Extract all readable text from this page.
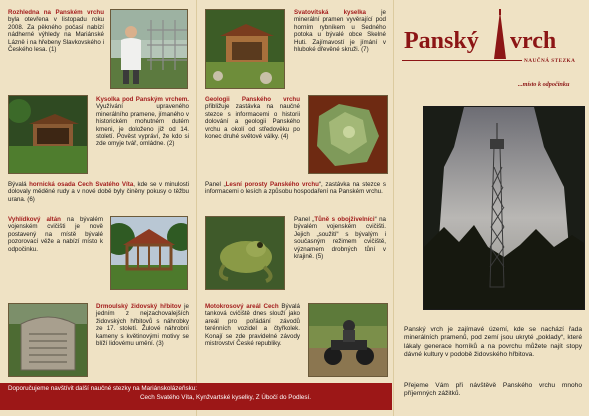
Rozhledna na Panském vrchu byla otevřena v listopadu roku 2008. Za pěkného počasí nabízí nádherné výhledy na Mariánské Lázně i na hřebeny Slavkovského i Českého lesa. (1)

Kysolka pod Panským vrchem. Využívání upraveného minerálního pramene, jímaného v historickém mohutném dutém kmeni, je doloženo již od 14. století. Pověst vypráví, že kdo si zde omyje tvář, omládne. (2)

Bývalá hornická osada Cech Svatého Víta, kde se v minulosti dolovaly měděné rudy a v nové době byly činěny pokusy o těžbu urana. (6)

Vyhlídkový altán na bývalém vojenském cvičišti je nově postavený na místě bývalé pozorovací věže a nabízí místo k odpočinku.

Drmoulský židovský hřbitov je jedním z nejzachovalejších židovských hřbitovů s náhrobky ze 17. století. Žulové náhrobní kameny s květinovými motivy se blíží lidovému umění. (3)

Svatovítská kyselka je minerální pramen vyvěrající pod horním rybníkem u Sedného potoka u bývalé obce Skelné Huti. Zajímavostí je jímání v hluboké dřevěné skruži. (7)

Geologii Panského vrchu přibližuje zastávka na naučné stezce s informacemi o historii dolování a geologii Panského vrchu a okolí od středověku po konec druhé světové války. (4)

Panel „Lesní porosty Panského vrchu“, zastávka na stezce s informacemi o lesích a způsobu hospodaření na Panském vrchu.

Panel „Tůně s obojživelníci“ na bývalém vojenském cvičišti. Jejich „soužití“ s bývalým i současným režimem cvičiště, významem drobných tůní v krajině. (5)

Motokrosový areál Cech Bývalá tanková cvičiště dnes slouží jako areál pro pořádání závodů terénních vozidel a čtyřkolek. Konají se zde pravidelné závody mistrovství České republiky.

Doporučujeme navštívit další naučné stezky na Mariánskolázeňsku:
Cech Svatého Víta, Kynžvartské kyselky, Z Úbočí do Podlesí.
Panský vrch
NAUČNÁ STEZKA
...místo k odpočinku

Panský vrch je zajímavé území, kde se nachází řada minerálních pramenů, pod zemí jsou ukryté „poklady“, které lákaly generace horníků a na povrchu můžete najít stopy dávné kultury v podobě židovského hřbitova.

Přejeme Vám při návštěvě Panského vrchu mnoho příjemných zážitků.
